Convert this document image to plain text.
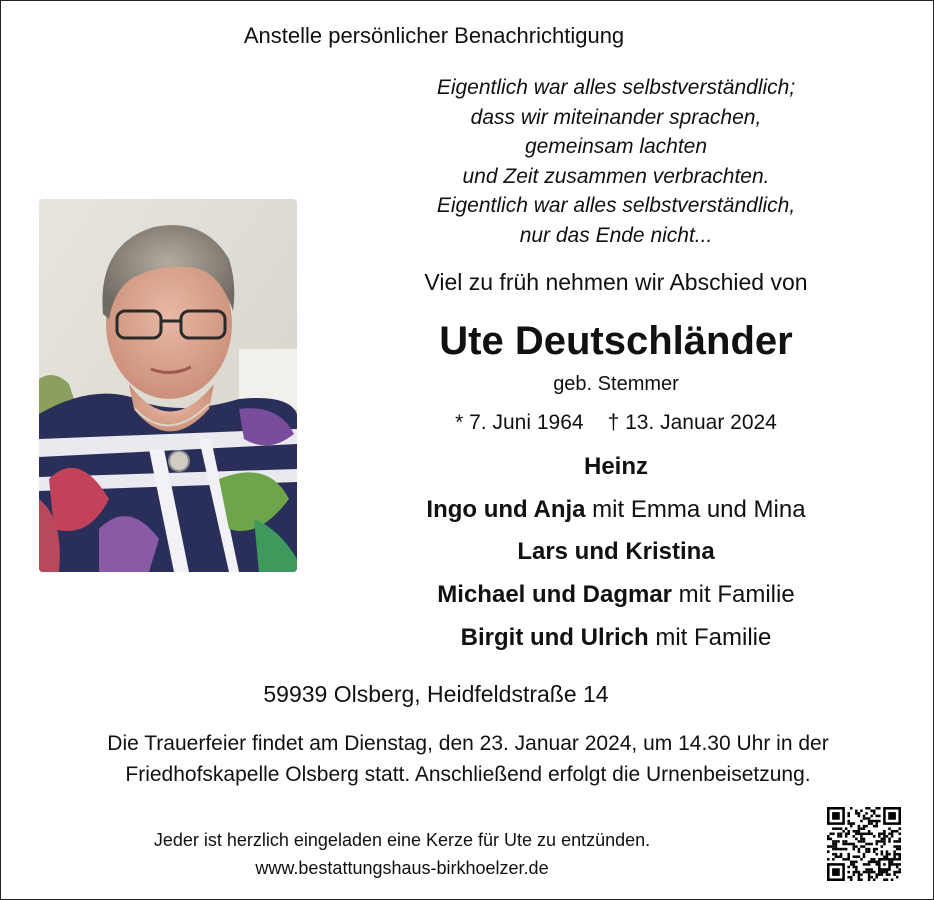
Anstelle persönlicher Benachrichtigung
Eigentlich war alles selbstverständlich;
dass wir miteinander sprachen,
gemeinsam lachten
und Zeit zusammen verbrachten.
Eigentlich war alles selbstverständlich,
nur das Ende nicht...
Viel zu früh nehmen wir Abschied von
Ute Deutschländer
geb. Stemmer
* 7. Juni 1964 † 13. Januar 2024
Heinz
Ingo und Anja mit Emma und Mina
Lars und Kristina
Michael und Dagmar mit Familie
Birgit und Ulrich mit Familie
59939 Olsberg, Heidfeldstraße 14
Die Trauerfeier findet am Dienstag, den 23. Januar 2024, um 14.30 Uhr in der
Friedhofskapelle Olsberg statt. Anschließend erfolgt die Urnenbeisetzung.
Jeder ist herzlich eingeladen eine Kerze für Ute zu entzünden.
www.bestattungshaus-birkhoelzer.de
